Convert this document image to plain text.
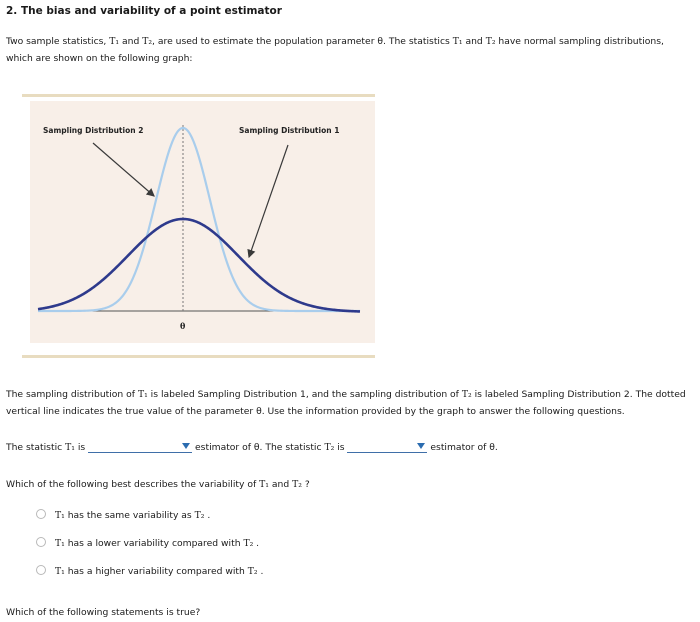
2. The bias and variability of a point estimator
Two sample statistics, T₁ and T₂, are used to estimate the population parameter θ. The statistics T₁ and T₂ have normal sampling distributions,
which are shown on the following graph:
Sampling Distribution 2	Sampling Distribution 1
θ
The sampling distribution of T₁ is labeled Sampling Distribution 1, and the sampling distribution of T₂ is labeled Sampling Distribution 2. The dotted
vertical line indicates the true value of the parameter θ. Use the information provided by the graph to answer the following questions.
The statistic T₁ is	estimator of θ. The statistic T₂ is	estimator of θ.
Which of the following best describes the variability of T₁ and T₂ ?
T₁ has the same variability as T₂ .
T₁ has a lower variability compared with T₂ .
T₁ has a higher variability compared with T₂ .
Which of the following statements is true?
